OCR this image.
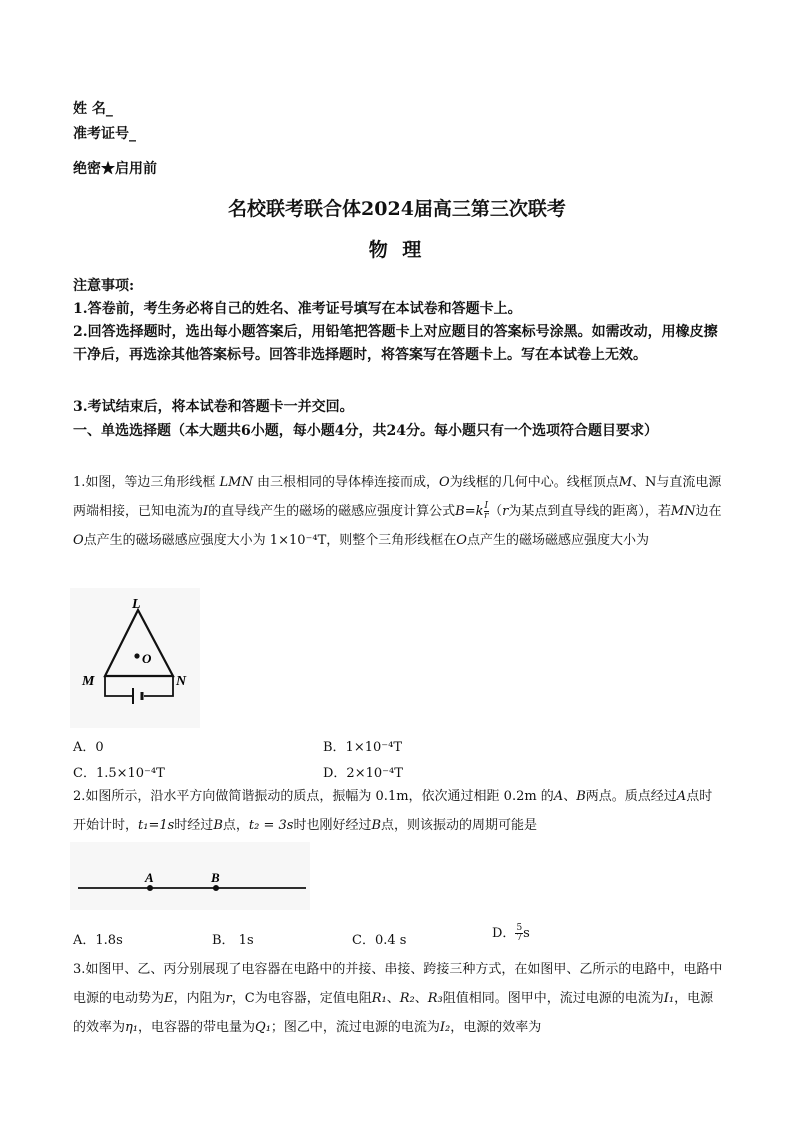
姓 名_
准考证号_
绝密★启用前
名校联考联合体2024届高三第三次联考
物 理
注意事项:
1.答卷前，考生务必将自己的姓名、准考证号填写在本试卷和答题卡上。
2.回答选择题时，选出每小题答案后，用铅笔把答题卡上对应题目的答案标号涂黑。如需改动，用橡皮擦干净后，再选涂其他答案标号。回答非选择题时，将答案写在答题卡上。写在本试卷上无效。
3.考试结束后，将本试卷和答题卡一并交回。
一、单选选择题（本大题共6小题，每小题4分，共24分。每小题只有一个选项符合题目要求）
1.如图，等边三角形线框 LMN 由三根相同的导体棒连接而成，O为线框的几何中心。线框顶点M、N与直流电源两端相接，已知电流为I的直导线产生的磁场的磁感应强度计算公式$B=k \frac{I}{r} (r$为某点到直导线的距离），若MN边在O点产生的磁场磁感应强度大小为 1×10⁻⁴T，则整个三角形线框在O点产生的磁场磁感应强度大小为
L
O
M	N
A．0	B．1×10⁻⁴T
C．1.5×10⁻⁴T	D．2×10⁻⁴T
2.如图所示，沿水平方向做简谐振动的质点，振幅为 0.1m，依次通过相距 0.2m 的A、B两点。质点经过A点时开始计时，t₁=1s时经过B点，t₂ = 3s时也刚好经过B点，则该振动的周期可能是
A	B
A．1.8s	B． 1s	C．0.4 s	D． $\frac{5}{7}$ s
3.如图甲、乙、丙分别展现了电容器在电路中的并接、串接、跨接三种方式，在如图甲、乙所示的电路中，电路中电源的电动势为E，内阻为r，C为电容器，定值电阻R₁、R₂、R₃阻值相同。图甲中，流过电源的电流为I₁，电源的效率为η₁，电容器的带电量为Q₁；图乙中，流过电源的电流为I₂，电源的效率为
